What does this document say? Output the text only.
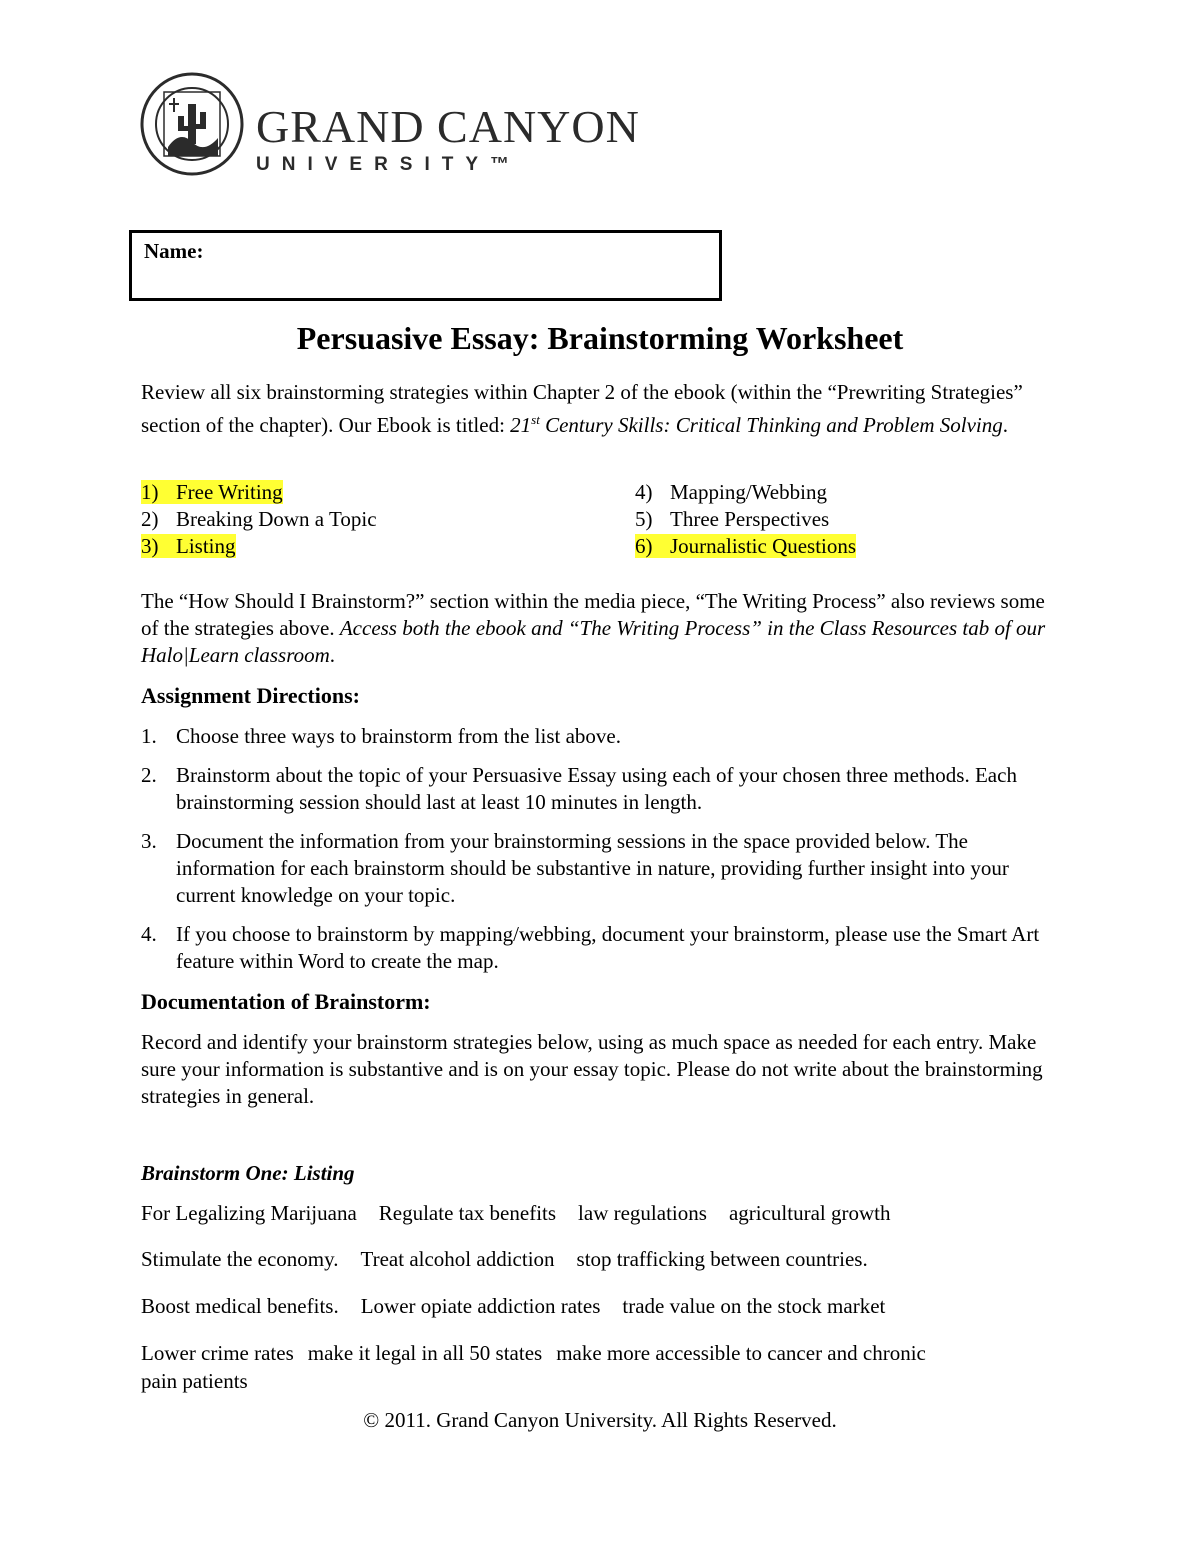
GRAND CANYON
UNIVERSITY™
Name:
Persuasive Essay: Brainstorming Worksheet
Review all six brainstorming strategies within Chapter 2 of the ebook (within the “Prewriting Strategies” section of the chapter). Our Ebook is titled: 21st Century Skills: Critical Thinking and Problem Solving.
1) Free Writing
2) Breaking Down a Topic
3) Listing
4) Mapping/Webbing
5) Three Perspectives
6) Journalistic Questions
The “How Should I Brainstorm?” section within the media piece, “The Writing Process” also reviews some of the strategies above. Access both the ebook and “The Writing Process” in the Class Resources tab of our Halo|Learn classroom.
Assignment Directions:
1. Choose three ways to brainstorm from the list above.
2. Brainstorm about the topic of your Persuasive Essay using each of your chosen three methods. Each brainstorming session should last at least 10 minutes in length.
3. Document the information from your brainstorming sessions in the space provided below. The information for each brainstorm should be substantive in nature, providing further insight into your current knowledge on your topic.
4. If you choose to brainstorm by mapping/webbing, document your brainstorm, please use the Smart Art feature within Word to create the map.
Documentation of Brainstorm:
Record and identify your brainstorm strategies below, using as much space as needed for each entry. Make sure your information is substantive and is on your essay topic. Please do not write about the brainstorming strategies in general.
Brainstorm One: Listing
For Legalizing Marijuana Regulate tax benefits law regulations agricultural growth
Stimulate the economy. Treat alcohol addiction stop trafficking between countries.
Boost medical benefits. Lower opiate addiction rates trade value on the stock market
Lower crime rates make it legal in all 50 states make more accessible to cancer and chronic
pain patients
© 2011. Grand Canyon University. All Rights Reserved.
